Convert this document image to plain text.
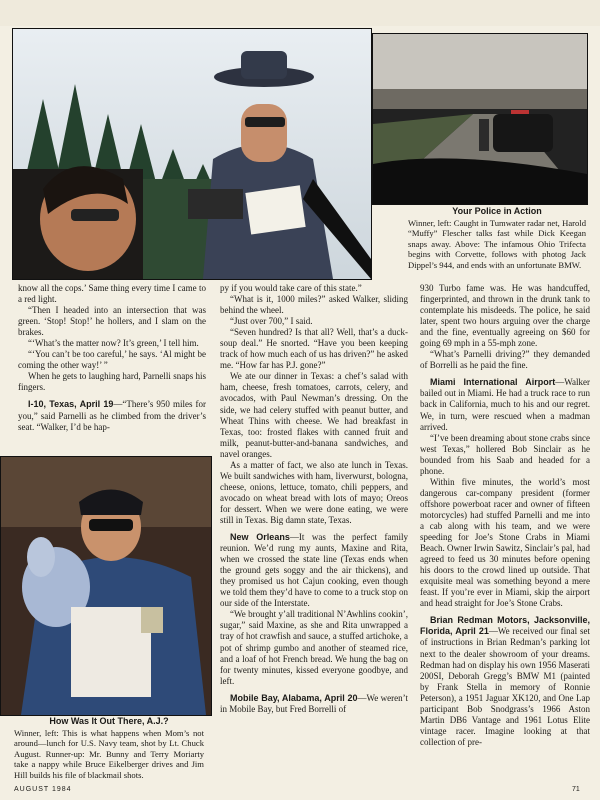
Your Police in Action
Winner, left: Caught in Tumwater radar net, Harold “Muffy” Flescher talks fast while Dick Keegan snaps away. Above: The infamous Ohio Trifecta begins with Corvette, follows with photog Jack Dippel’s 944, and ends with an unfortunate BMW.

know all the cops.’ Same thing every time I came to a red light.

“Then I headed into an intersection that was green. ‘Stop! Stop!’ he hollers, and I slam on the brakes.

“‘What’s the matter now? It’s green,’ I tell him.

“‘You can’t be too careful,’ he says. ‘Al might be coming the other way!’ ”

When he gets to laughing hard, Parnelli snaps his fingers.

I-10, Texas, April 19—“There’s 950 miles for you,” said Parnelli as he climbed from the driver’s seat. “Walker, I’d be hap-

How Was It Out There, A.J.?
Winner, left: This is what happens when Mom’s not around—lunch for U.S. Navy team, shot by Lt. Chuck August. Runner-up: Mr. Bunny and Terry Moriarty take a nappy while Bruce Eikelberger drives and Jim Hill builds his file of blackmail shots.

py if you would take care of this state.”

“What is it, 1000 miles?” asked Walker, sliding behind the wheel.

“Just over 700,” I said.

“Seven hundred? Is that all? Well, that’s a duck-soup deal.” He snorted. “Have you been keeping track of how much each of us has driven?” he asked me. “How far has P.J. gone?”

We ate our dinner in Texas: a chef’s salad with ham, cheese, fresh tomatoes, carrots, celery, and avocados, with Paul Newman’s dressing. On the side, we had celery stuffed with peanut butter, and Wheat Thins with cheese. We had breakfast in Texas, too: frosted flakes with canned fruit and milk, peanut-butter-and-banana sandwiches, and navel oranges.

As a matter of fact, we also ate lunch in Texas. We built sandwiches with ham, liverwurst, bologna, cheese, onions, lettuce, tomato, chili peppers, and avocado on wheat bread with lots of mayo; Oreos for dessert. When we were done eating, we were still in Texas. Big damn state, Texas.

New Orleans—It was the perfect family reunion. We’d rung my aunts, Maxine and Rita, when we crossed the state line (Texas ends when the ground gets soggy and the air thickens), and they promised us hot Cajun cooking, even though we told them they’d have to come to a truck stop on our side of the Interstate.

“We brought y’all traditional N’Awhlins cookin’, sugar,” said Maxine, as she and Rita unwrapped a tray of hot crawfish and sauce, a stuffed artichoke, a pot of shrimp gumbo and another of steamed rice, and a loaf of hot French bread. We hung the bag on for twenty minutes, kissed everyone goodbye, and left.

Mobile Bay, Alabama, April 20—We weren’t in Mobile Bay, but Fred Borrelli of

930 Turbo fame was. He was handcuffed, fingerprinted, and thrown in the drunk tank to contemplate his misdeeds. The police, he said later, spent two hours arguing over the charge and the fine, eventually agreeing on $60 for going 69 mph in a 55-mph zone.

“What’s Parnelli driving?” they demanded of Borrelli as he paid the fine.

Miami International Airport—Walker bailed out in Miami. He had a truck race to run back in California, much to his and our regret. We, in turn, were rescued when a madman arrived.

“I’ve been dreaming about stone crabs since west Texas,” hollered Bob Sinclair as he bounded from his Saab and headed for a phone.

Within five minutes, the world’s most dangerous car-company president (former offshore powerboat racer and owner of fifteen motorcycles) had stuffed Parnelli and me into a cab along with his team, and we were speeding for Joe’s Stone Crabs in Miami Beach. Owner Irwin Sawitz, Sinclair’s pal, had agreed to feed us 30 minutes before opening his doors to the crowd lined up outside. That exquisite meal was something beyond a mere feast. If you’re ever in Miami, skip the airport and head straight for Joe’s Stone Crabs.

Brian Redman Motors, Jacksonville, Florida, April 21—We received our final set of instructions in Brian Redman’s parking lot next to the dealer showroom of your dreams. Redman had on display his own 1956 Maserati 200SI, Deborah Gregg’s BMW M1 (painted by Frank Stella in memory of Ronnie Peterson), a 1951 Jaguar XK120, and One Lap participant Bob Snodgrass’s 1966 Aston Martin DB6 Vantage and 1961 Lotus Elite vintage racer. Imagine looking at that collection of pre-

AUGUST 1984	71
